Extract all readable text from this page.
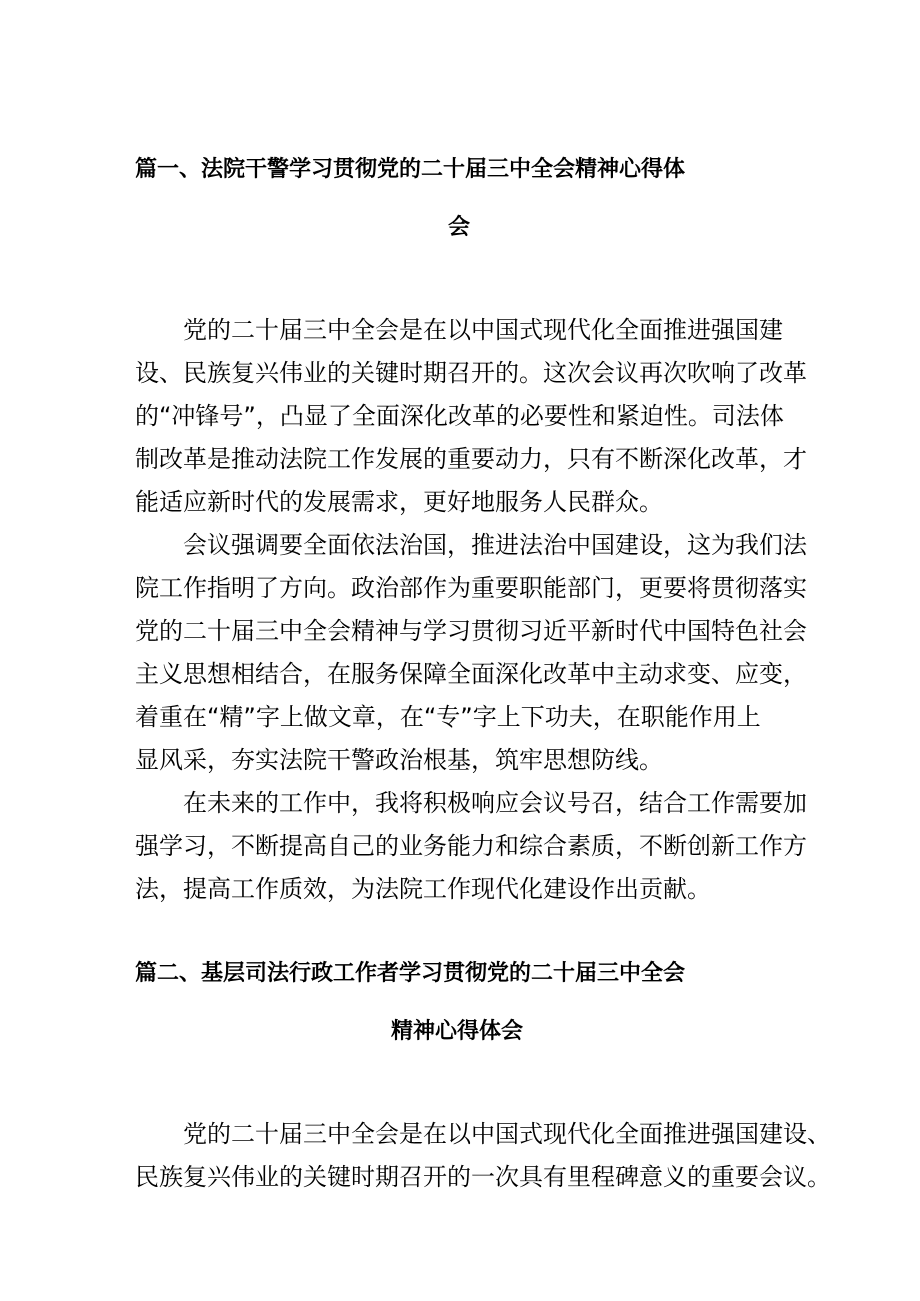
篇一、法院干警学习贯彻党的二十届三中全会精神心得体
会
党的二十届三中全会是在以中国式现代化全面推进强国建
设、民族复兴伟业的关键时期召开的。这次会议再次吹响了改革
的“冲锋号”，凸显了全面深化改革的必要性和紧迫性。司法体
制改革是推动法院工作发展的重要动力，只有不断深化改革，才
能适应新时代的发展需求，更好地服务人民群众。
会议强调要全面依法治国，推进法治中国建设，这为我们法
院工作指明了方向。政治部作为重要职能部门，更要将贯彻落实
党的二十届三中全会精神与学习贯彻习近平新时代中国特色社会
主义思想相结合，在服务保障全面深化改革中主动求变、应变，
着重在“精”字上做文章，在“专”字上下功夫，在职能作用上
显风采，夯实法院干警政治根基，筑牢思想防线。
在未来的工作中，我将积极响应会议号召，结合工作需要加
强学习，不断提高自己的业务能力和综合素质，不断创新工作方
法，提高工作质效，为法院工作现代化建设作出贡献。
篇二、基层司法行政工作者学习贯彻党的二十届三中全会
精神心得体会
党的二十届三中全会是在以中国式现代化全面推进强国建设、
民族复兴伟业的关键时期召开的一次具有里程碑意义的重要会议。
